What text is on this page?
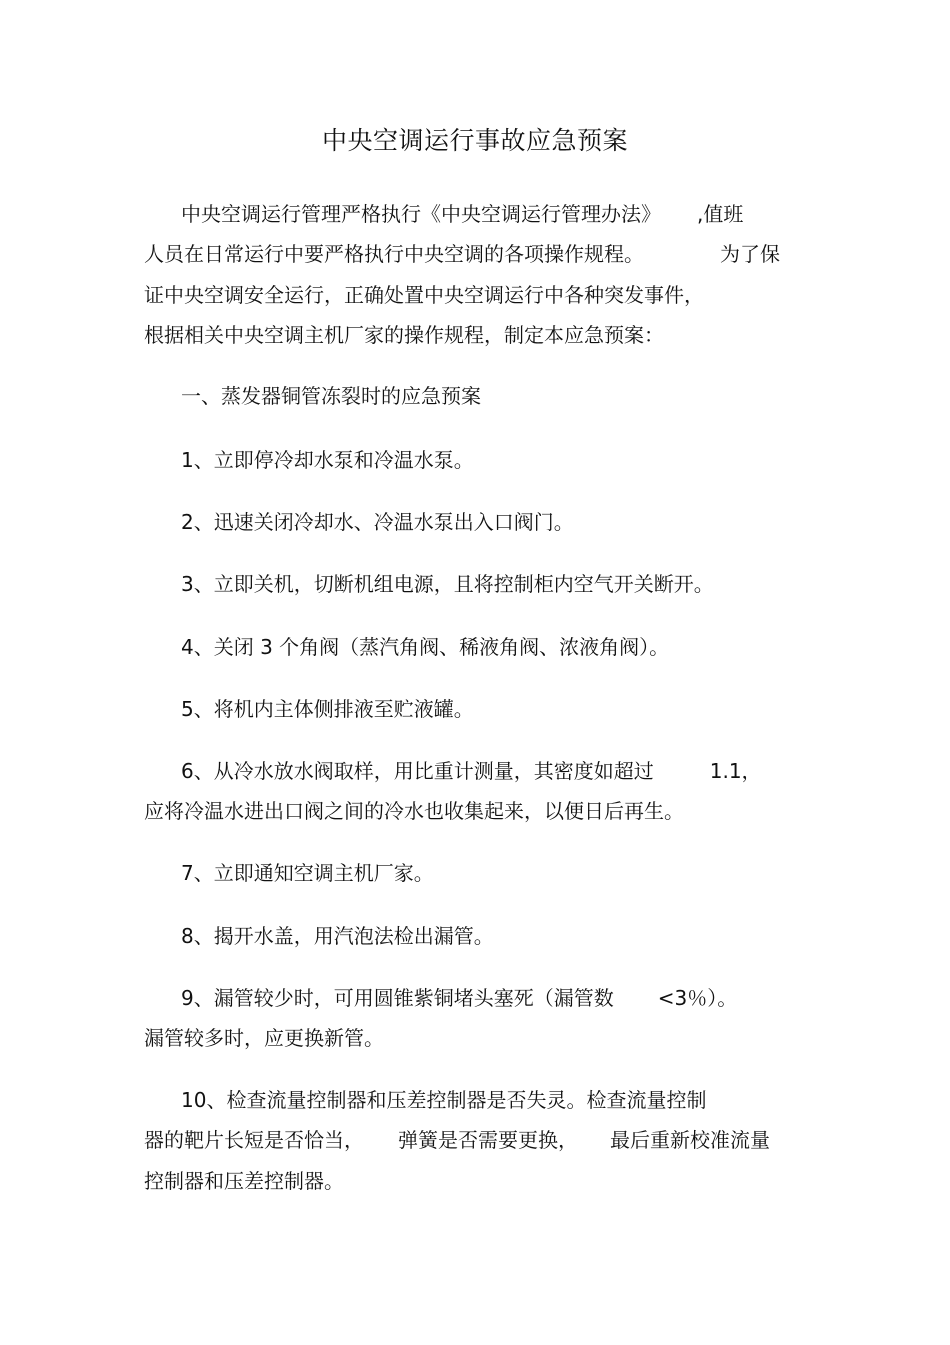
中央空调运行事故应急预案
中央空调运行管理严格执行《中央空调运行管理办法》 ,值班
人员在日常运行中要严格执行中央空调的各项操作规程。	为了保
证中央空调安全运行，正确处置中央空调运行中各种突发事件，
根据相关中央空调主机厂家的操作规程，制定本应急预案：
一、蒸发器铜管冻裂时的应急预案
1、立即停冷却水泵和冷温水泵。
2、迅速关闭冷却水、冷温水泵出入口阀门。
3、立即关机，切断机组电源，且将控制柜内空气开关断开。
4、关闭 3 个角阀（蒸汽角阀、稀液角阀、浓液角阀）。
5、将机内主体侧排液至贮液罐。
6、从冷水放水阀取样，用比重计测量，其密度如超过	1.1，
应将冷温水进出口阀之间的冷水也收集起来，以便日后再生。
7、立即通知空调主机厂家。
8、揭开水盖，用汽泡法检出漏管。
9、漏管较少时，可用圆锥紫铜堵头塞死（漏管数 <3％）。
漏管较多时，应更换新管。
10、检查流量控制器和压差控制器是否失灵。检查流量控制
器的靶片长短是否恰当， 弹簧是否需要更换， 最后重新校准流量
控制器和压差控制器。
